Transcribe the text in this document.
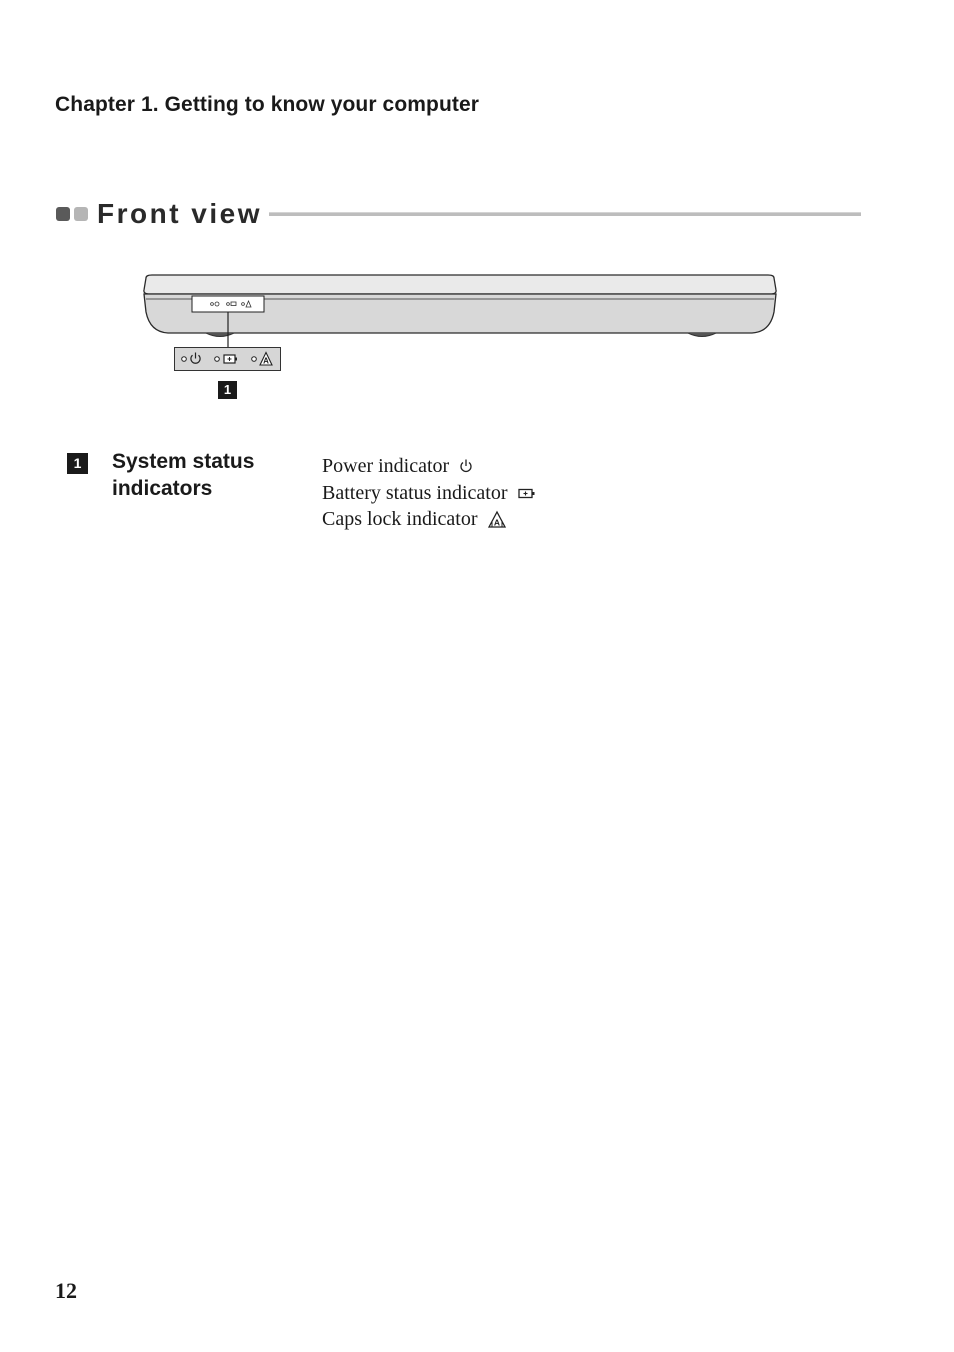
Chapter 1. Getting to know your computer
Front view
A
1
1	System status indicators
Power indicator
Battery status indicator
Caps lock indicator A
12
